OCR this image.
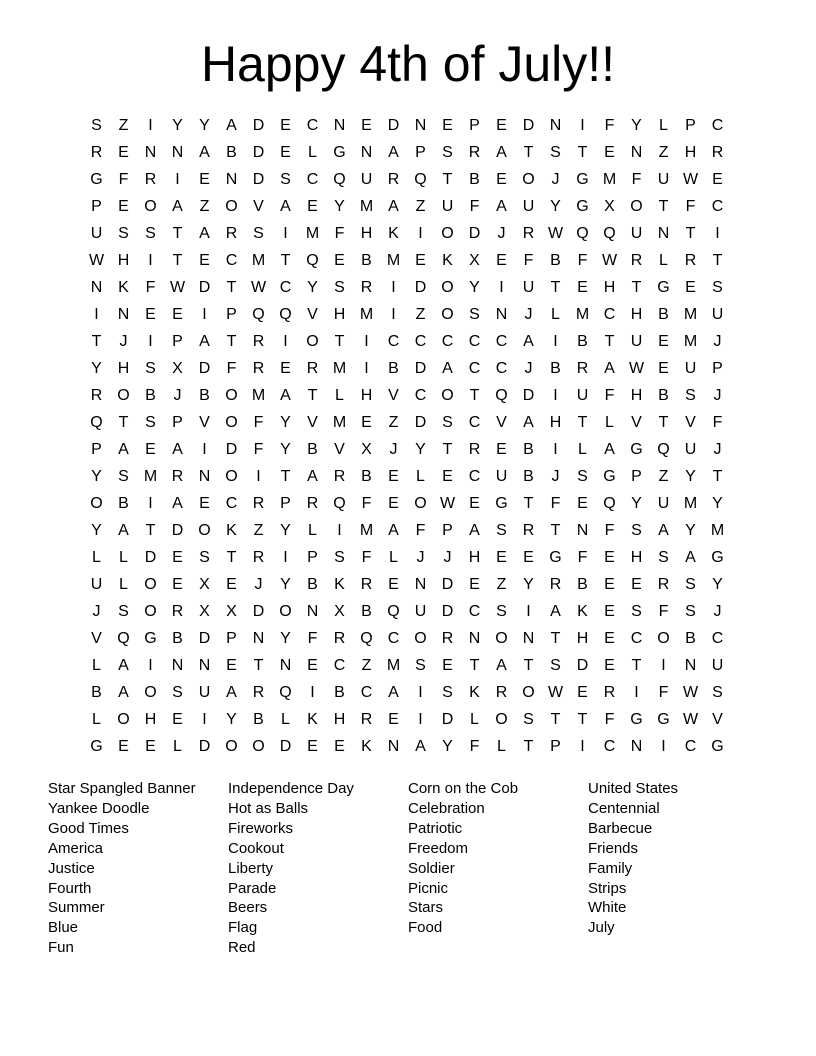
Happy 4th of July!!
S	Z	I	Y	Y	A D E C N E D N E	P	E D N	I	F	Y	L	P C
R E N N A	B D E	L	G N A	P	S R A	T	S	T	E N	Z	H R
G F	R	I	E N D S C Q U R Q T	B	E O	J	G M F	U W E
P	E O A	Z O V	A	E	Y M A	Z	U	F	A U Y G X O T	F	C
U S	S	T	A R S	I	M F	H K	I	O D	J	R W Q Q U N	T	I
W H	I	T	E C M T Q E	B M E	K	X	E	F	B	F W R	L	R	T
N K	F W D	T W C Y	S R	I	D O Y	I	U	T	E H	T G E	S
I	N E	E	I	P Q Q V H M	I	Z O S N	J	L M C H B M U
T	J	I	P	A	T	R	I	O T	I	C C C C C A	I	B	T	U E M	J
Y H S	X D	F	R E R M	I	B D A C C	J	B R A W E U P
R O B	J	B O M A	T	L	H V C O T Q D	I	U	F	H B	S	J
Q T	S	P	V O F	Y	V M E	Z	D S C V	A H	T	L	V	T	V	F
P	A	E	A	I	D	F	Y	B	V	X	J	Y	T	R E	B	I	L	A G Q U	J
Y	S M R N O	I	T	A R B	E	L	E C U B	J	S G P	Z	Y	T
O B	I	A	E C R P R Q F	E O W E G T	F	E Q Y U M Y
Y	A	T	D O K	Z	Y	L	I	M A	F	P	A	S R	T	N	F	S	A	Y M
L	L	D E	S	T	R	I	P	S	F	L	J	J	H E	E G F	E H S	A G
U	L	O E	X	E	J	Y	B	K R E N D E	Z	Y R B	E	E R S	Y
J	S O R X	X D O N X	B Q U D C S	I	A	K	E	S	F	S	J
V Q G B D P N Y	F	R Q C O R N O N	T	H E C O B C
L	A	I	N N E	T	N E C	Z M S	E	T	A	T	S D E	T	I	N U
B	A O S U A R Q	I	B C A	I	S	K R O W E R	I	F W S
L	O H E	I	Y	B	L	K H R E	I	D	L	O S	T	T	F G G W V
G E	E	L	D O O D E	E	K N A	Y	F	L	T	P	I	C N	I	C G
Star Spangled Banner
Yankee Doodle
Good Times
America
Justice
Fourth
Summer
Blue
Fun
Independence Day
Hot as Balls
Fireworks
Cookout
Liberty
Parade
Beers
Flag
Red
Corn on the Cob
Celebration
Patriotic
Freedom
Soldier
Picnic
Stars
Food
United States
Centennial
Barbecue
Friends
Family
Strips
White
July
